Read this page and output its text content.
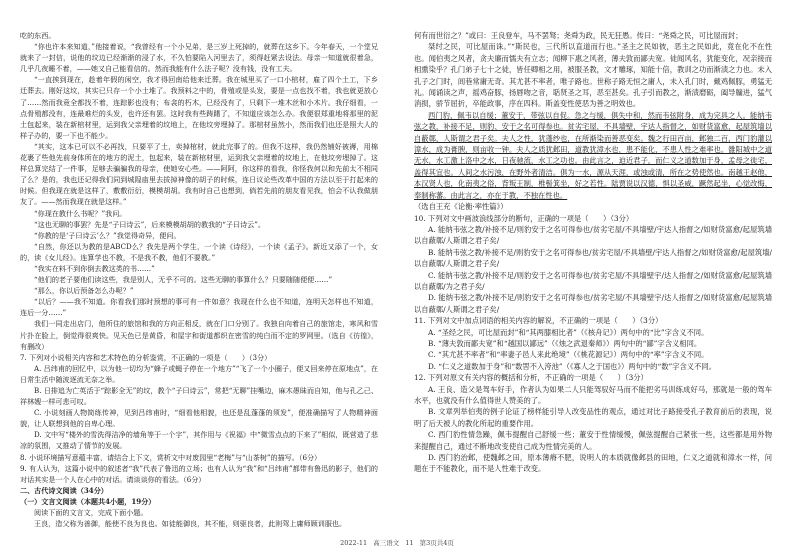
吃的东西。

“你也许本来知道，”他接着说，“我曾经有一个小兄弟，是三岁上死掉的，就葬在这乡下。今年春天，一个堂兄就来了一封信，说他的坟边已经渐渐的浸了水，不久怕要陷入河里去了，须得赶紧去设法。母亲一知道就很着急，几乎几夜睡不着，——她又自己能看信的。然而我能有什么法子呢？没有钱，没有工夫。

“一直挨到现在，趁着年假的闲空，我才得回南给他来迁葬。我在城里买了一口小棺材，雇了四个土工，下乡迁葬去。刚好这坟，其实已只存一个小土堆了。我预料之中的，骨殖或是头发，要是一点也找不着，我也就更放心了……然而我竟全都找不着，连踪影也没有；布衾的朽木，已经没有了，只剩下一堆木丝和小木片。我仔细看，一点骨殖都没有，连最难烂的头发，也许还有罢。这时我有些踌躇了，不知道应该怎么办。我便很郑重地将那里的泥土包起来，装在新棺材里，运到我父亲埋着的坟地上，在他坟旁埋掉了。那棺材虽然小，然而我们也还是照大人的样子办的，要一下也不能少。

“其实，这本已可以不必再找，只要平了土，卖掉棺材，就此完事了的。但我不这样，我仍然铺好被褥，用棉花裹了些他先前身体所在的地方的泥土，包起来，装在新棺材里，运到我父亲埋着的坟地上，在他坟旁埋掉了。这样总算完结了一件事，足够去骗骗我的母亲，使她安心些。——阿阿，你这样的看我，你怪我何以和先前太不相同了么？是的，我也还记得我们同到城隍庙里去拔掉神像的胡子的时候，连日议论些改革中国的方法以至于打起来的时候。但我现在就是这样了，敷敷衍衍，模模胡胡。我有时自己也想到，倘若先前的朋友看见我，怕会不认我做朋友了。——然而我现在就是这样。”

“你现在教什么书呢？”我问。

“这也无聊的事罢？先是“子曰诗云”，后来模模胡胡的教我的“子曰诗云”。

“你教的是‘子曰诗云’么？”我觉得奇异，便问。

“自然，你还以为教的是ABCD么？我先是两个学生，一个读《诗经》，一个读《孟子》。新近又添了一个，女的，读《女儿经》。连算学也不教，不是我不教，他们不要教。”

“我实在料不到你倒去教这类的书……”

“他们的老子要他们读这些，我是别人，无乎不可的。这些无聊的事算什么？只要随随便便……”

“那么，你以后预备怎么办呢？”

“以后？——我不知道。你看我们那时预想的事可有一件如意？我现在什么也不知道，连明天怎样也不知道，连后一分……”

我们一同走出店门，他所住的旅馆和我的方向正相反，就在门口分别了。我独自向着自己的旅馆走，寒风和雪片扑在脸上，倒觉得很爽快。见天色已是黄昏，和屋宇和街道都织在密雪的纯白而不定的罗网里。（选自《彷徨》，有删改）

7. 下列对小说相关内容和艺术特色的分析鉴赏，不正确的一项是（　　）（3分）

A. 吕纬甫的回忆中，以为他一切均为“蜂子或蝇子停在一个地方”“飞了一个小圈子，便又回来停在原地点”，在日常生活中随波逐流无奈之举。

B. 日排追为亡英活于“踪影全无”的坟，教个“子曰诗云”，常把“无聊”挂嘴边，麻木愚昧而自知，他与孔乙己、祥林嫂一样可悲可叹。

C. 小说刻画人物简练传神，见到吕纬甫时，“细看他相貌，也还是乱蓬蓬的须发”，便准确描写了人物精神面貌，让人联想到他的自卑心理。

D. 文中写“楼外的雪洗得洁净的墙角等于一个字”，其作用与《祝福》中“微雪点点的下来了”相似，既营造了悲凉的氛围，又推动了情节的发展。

8. 小说环境描写意蕴丰富，请结合上下文，赏析文中对废园里“老梅”与“山茶树”的描写。（6分）

9. 有人认为，这篇小说中的叙述者“我”代表了鲁迅的立场；也有人认为“我”和“吕纬甫”都带有鲁迅的影子，他们的对话其实是一个人在心中的对话。请谈谈你的看法。（6分）

二、古代诗文阅读（34分）

（一）文言文阅读（本题共4小题，19分）

阅读下面的文言文，完成下面小题。

王良，造父称为善御，能使不良为良也。如徒能御良，其不能，则驱良者，此则驾上庸师顾训服也。

何有而世衍之？”或曰：王良登车，马不罢驽；尧舜为政，民无狂愚。传曰：“尧舜之民，可比屋而封；

桀纣之民，可比屋而诛。”“斯民也，三代所以直道而行也。”圣主之民如彼，恶主之民如此，竟在化不在性也。闻伯夷之风者，贪夫廉而懦夫有立志；闻柳下惠之风者，薄夫敦而鄙夫宽。徒闻风名，犹能变化，况亲接而相熏染乎？孔门弟子七十之徒，皆任卿相之用，被服圣教，文才雕琢，知能十倍，教训之功而渐渍之力也。未入孔子之门时，闾巷常庸无奇。其尤甚不率者，唯子路也。世称子路无恒之庸人，未入孔门时，戴鸡佩豚，勇猛无礼。闻诵读之声，摇鸡奋豚，扬唇吻之音，聒贤圣之耳，恶至甚矣。孔子引而教之，渐渍磨砺，阖导牖进，猛气消损，骄节屈折，卒能政事，序在四科。斯盖变性使恶为善之明效也。

西门豹，佩韦以自缓；董安于，带弦以自促。急之与缓，俱失中和，然而韦弦附身，成为完具之人。能纳韦弦之教，补接不足，则豹、安于之名可得参也。贫劣宅屋，不具墙壁，宇达人指督之，如财货富愈，起屋筑墙以自蔽鄣，人斯谓之君子矣。夫人之性，犹蓬纱也，在所渐染而善恶变矣。魏之行田百亩，邺独二百，西门豹灌以漳水，成为膏腴，则亩收一钟。夫人之质犹邺田，道教犹漳水也，患不能化，不患人性之难率也。雒阳城中之道无水，水工激上洛中之水，日夜驰流，水工之功也。由此言之，迫近君子，而仁义之道数加于身，孟母之徙宅，盖得其宜也。人间之水污浊，在野外者清洁。俱为一水，源从天涯，或浊或清，所在之势使然也。南越王赵他，本汉贤人也，化南夷之俗，背叛王制，椎髻箕坐，好之若性。陆贾说以汉德，惧以圣威，蹶然起坐，心觉改悔，奉制称蕃。由此言之，亦在于教，不独在性也。

（选自王充《论衡·率性篇》）

10. 下列对文中画波浪线部分的断句，正确的一项是（　　）（3分）

A. 能纳韦弦之教/补接不足/则豹安于之名可得参也/贫劣宅屋/不具墙壁/宇达人指督之/如财货富愈/起屋筑墙以自蔽鄣/人斯谓之君子矣/

B. 能纳韦弦之教/补接不足/则豹安于之名可得参也/贫劣宅屋/不具墙壁/宇达人指督之/如财货富愈/起屋筑墙/以自蔽鄣/人斯谓之君子矣/

C. 能纳韦弦之教/补接不足/则豹安于之名可得参也/贫劣宅屋/不具墙壁宇/达人指督之/如财货富愈/起屋筑墙以自蔽鄣/为之君子矣/

D. 能纳韦弦之教/补接不足/则豹安于之名可得参也/贫劣宅屋/不具墙壁宇/达人指督之/如财货富愈/起屋筑墙以自蔽鄣/人斯谓之君子矣/

11. 下列对文中加点词语的相关内容的解说，不正确的一项是（　　）（3分）

A. “圣经之民，可比屋而封”和“其两膝相比者”（《核舟记》）两句中的“比”字含义不同。

B. “薄夫敦而鄙夫宽”和“越国以鄙远”（《烛之武退秦师》）两句中的“鄙”字含义相同。

C. “其尤甚不率者”和“率妻子邑人来此绝境”（《桃花源记》）两句中的“率”字含义不同。

D. “仁义之道数加于身”和“数罟不入洿池”（《寡人之于国也》）两句中的“数”字含义不同。

12. 下列对原文有关内容的概括和分析，不正确的一项是（　　）（3分）

A. 王良、造父是驾车好手，作者认为如果二人只能驾驭好马而不能把劣马训练成好马，那就是一般的驾车水平，也就没有什么值得世人赞美的了。

B. 文章列举伯夷的例子论证了榜样能引导人改变品性的观点，通过对比子路接受孔子教育前后的表现，说明了后天被人的教化所起的重要作用。

C. 西门豹性情急躁，佩韦提醒自己舒缓一些；董安于性情缓慢，佩弦提醒自己紧张一些，这些都是用外物来提醒自己，通过不断地改变使自己成为性情完美的人。

D. 西门豹治邺，使魏邺之田，原本薄瘠不肥，说明人的本质就像邺县的田地，仁义之道就和漳水一样，问题在于不能教化，而不是人性难于改变。

2022-11 高三语文 11 第3页共4页
